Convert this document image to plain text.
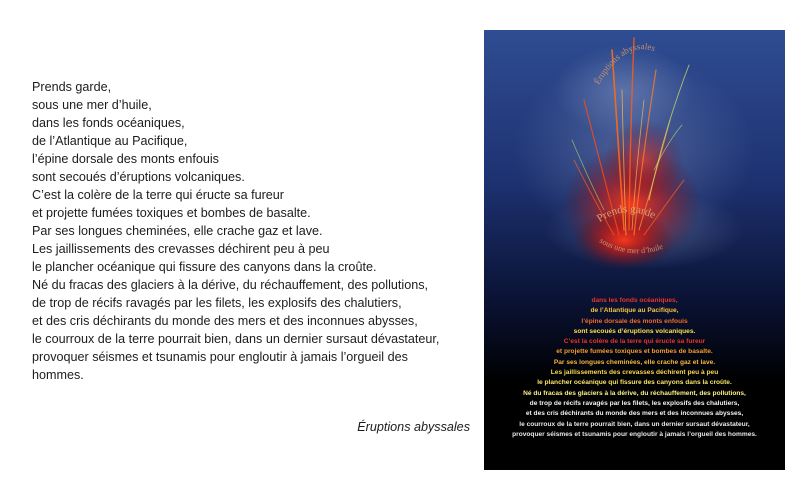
Prends garde,
sous une mer d’huile,
dans les fonds océaniques,
de l’Atlantique au Pacifique,
l’épine dorsale des monts enfouis
sont secoués d’éruptions volcaniques.
C’est la colère de la terre qui éructe sa fureur
et projette fumées toxiques et bombes de basalte.
Par ses longues cheminées, elle crache gaz et lave.
Les jaillissements des crevasses déchirent peu à peu
le plancher océanique qui fissure des canyons dans la croûte.
Né du fracas des glaciers à la dérive, du réchauffement, des pollutions,
de trop de récifs ravagés par les filets, les explosifs des chalutiers,
et des cris déchirants du monde des mers et des inconnues abysses,
le courroux de la terre pourrait bien, dans un dernier sursaut dévastateur,
provoquer séismes et tsunamis pour engloutir à jamais l’orgueil des
hommes.
Éruptions abyssales
Éruptions abyssales
Prends garde
sous une mer d’huile
dans les fonds océaniques,
de l’Atlantique au Pacifique,
l’épine dorsale des monts enfouis
sont secoués d’éruptions volcaniques.
C’est la colère de la terre qui éructe sa fureur
et projette fumées toxiques et bombes de basalte.
Par ses longues cheminées, elle crache gaz et lave.
Les jaillissements des crevasses déchirent peu à peu
le plancher océanique qui fissure des canyons dans la croûte.
Né du fracas des glaciers à la dérive, du réchauffement, des pollutions,
de trop de récifs ravagés par les filets, les explosifs des chalutiers,
et des cris déchirants du monde des mers et des inconnues abysses,
le courroux de la terre pourrait bien, dans un dernier sursaut dévastateur,
provoquer séismes et tsunamis pour engloutir à jamais l’orgueil des hommes.
